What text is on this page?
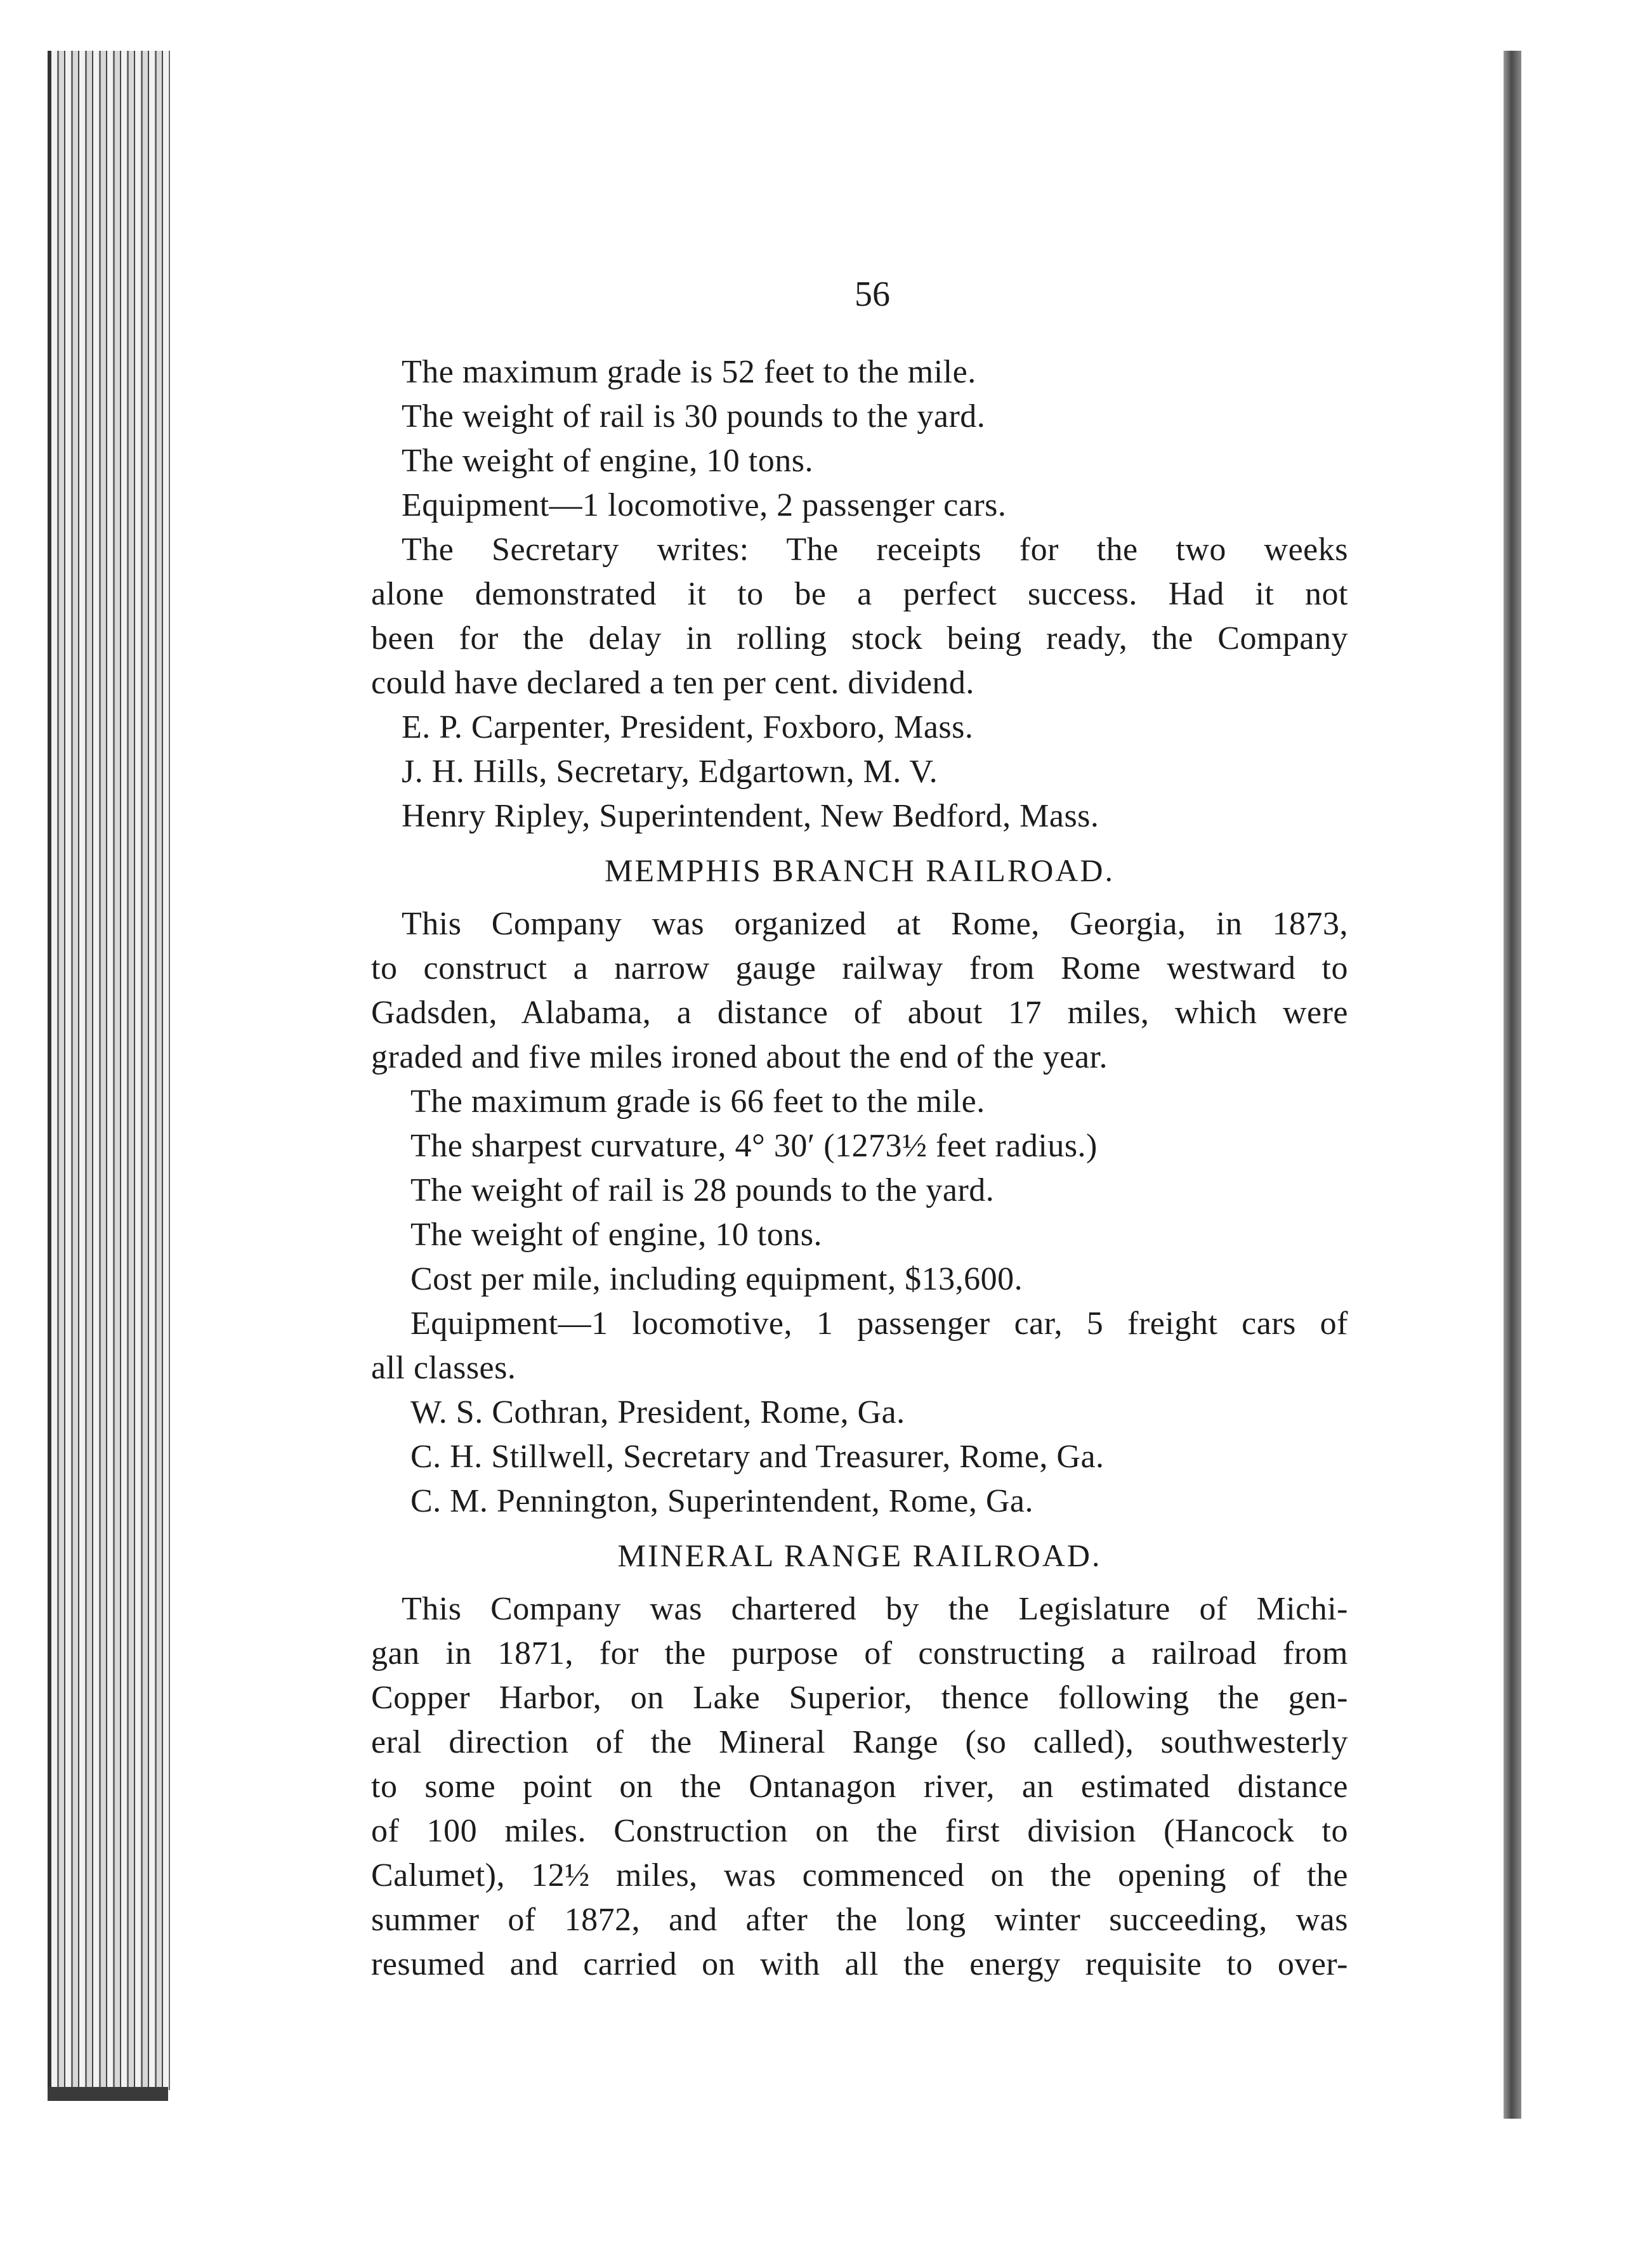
56
The maximum grade is 52 feet to the mile.
The weight of rail is 30 pounds to the yard.
The weight of engine, 10 tons.
Equipment—1 locomotive, 2 passenger cars.
The Secretary writes: The receipts for the two weeks
alone demonstrated it to be a perfect success. Had it not
been for the delay in rolling stock being ready, the Company
could have declared a ten per cent. dividend.
E. P. Carpenter, President, Foxboro, Mass.
J. H. Hills, Secretary, Edgartown, M. V.
Henry Ripley, Superintendent, New Bedford, Mass.
MEMPHIS BRANCH RAILROAD.
This Company was organized at Rome, Georgia, in 1873,
to construct a narrow gauge railway from Rome westward to
Gadsden, Alabama, a distance of about 17 miles, which were
graded and five miles ironed about the end of the year.
The maximum grade is 66 feet to the mile.
The sharpest curvature, 4° 30′ (1273½ feet radius.)
The weight of rail is 28 pounds to the yard.
The weight of engine, 10 tons.
Cost per mile, including equipment, $13,600.
Equipment—1 locomotive, 1 passenger car, 5 freight cars of
all classes.
W. S. Cothran, President, Rome, Ga.
C. H. Stillwell, Secretary and Treasurer, Rome, Ga.
C. M. Pennington, Superintendent, Rome, Ga.
MINERAL RANGE RAILROAD.
This Company was chartered by the Legislature of Michi-
gan in 1871, for the purpose of constructing a railroad from
Copper Harbor, on Lake Superior, thence following the gen-
eral direction of the Mineral Range (so called), southwesterly
to some point on the Ontanagon river, an estimated distance
of 100 miles. Construction on the first division (Hancock to
Calumet), 12½ miles, was commenced on the opening of the
summer of 1872, and after the long winter succeeding, was
resumed and carried on with all the energy requisite to over-
